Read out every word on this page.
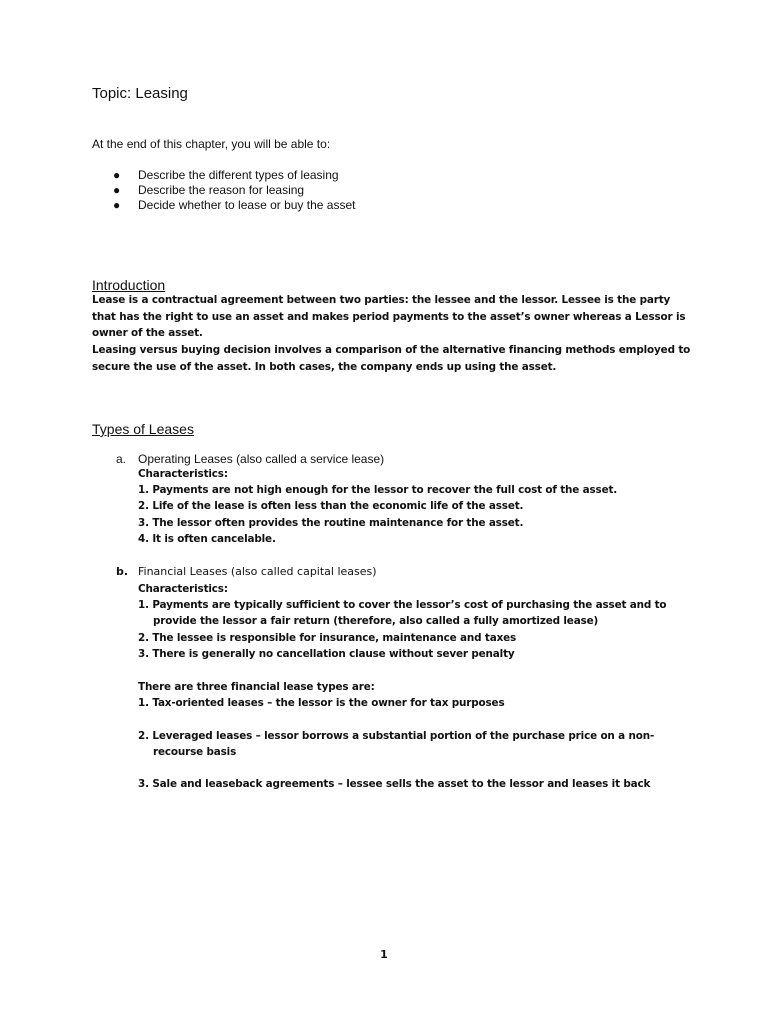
Topic: Leasing
At the end of this chapter, you will be able to:
● Describe the different types of leasing
● Describe the reason for leasing
● Decide whether to lease or buy the asset
Introduction

Lease is a contractual agreement between two parties: the lessee and the lessor. Lessee is the party that has the right to use an asset and makes period payments to the asset’s owner whereas a Lessor is owner of the asset.

Leasing versus buying decision involves a comparison of the alternative financing methods employed to secure the use of the asset. In both cases, the company ends up using the asset.

Types of Leases
a. Operating Leases (also called a service lease)
Characteristics:
1. Payments are not high enough for the lessor to recover the full cost of the asset.
2. Life of the lease is often less than the economic life of the asset.
3. The lessor often provides the routine maintenance for the asset.
4. It is often cancelable.
b. Financial Leases (also called capital leases)
Characteristics:
1. Payments are typically sufficient to cover the lessor’s cost of purchasing the asset and to
provide the lessor a fair return (therefore, also called a fully amortized lease)
2. The lessee is responsible for insurance, maintenance and taxes
3. There is generally no cancellation clause without sever penalty
There are three financial lease types are:
1. Tax-oriented leases – the lessor is the owner for tax purposes
2. Leveraged leases – lessor borrows a substantial portion of the purchase price on a non-
recourse basis
3. Sale and leaseback agreements – lessee sells the asset to the lessor and leases it back
1
